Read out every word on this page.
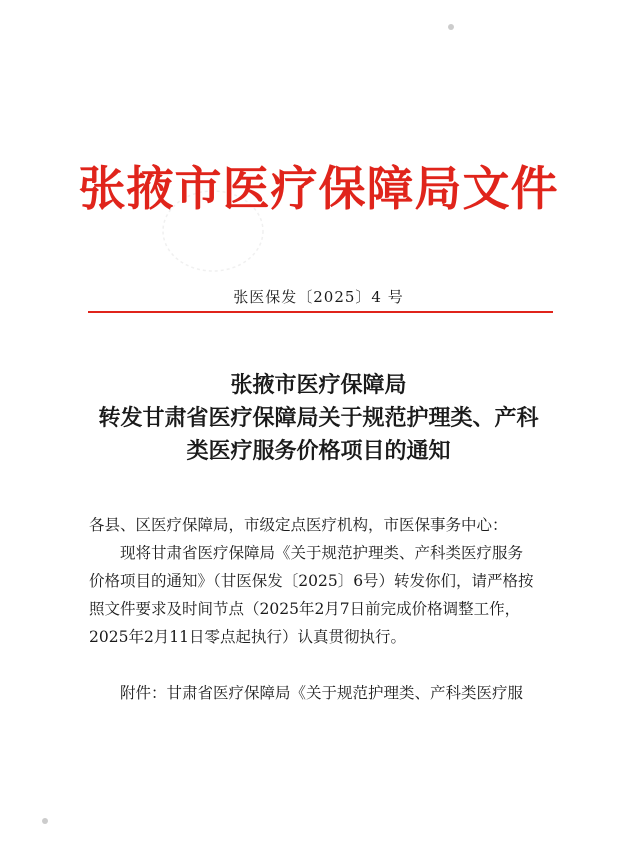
张掖市医疗保障局文件
张医保发〔2025〕4 号
张掖市医疗保障局
转发甘肃省医疗保障局关于规范护理类、产科
类医疗服务价格项目的通知
各县、区医疗保障局，市级定点医疗机构，市医保事务中心：
现将甘肃省医疗保障局《关于规范护理类、产科类医疗服务
价格项目的通知》（甘医保发〔2025〕6号）转发你们，请严格按
照文件要求及时间节点（2025年2月7日前完成价格调整工作，
2025年2月11日零点起执行）认真贯彻执行。
附件：甘肃省医疗保障局《关于规范护理类、产科类医疗服
